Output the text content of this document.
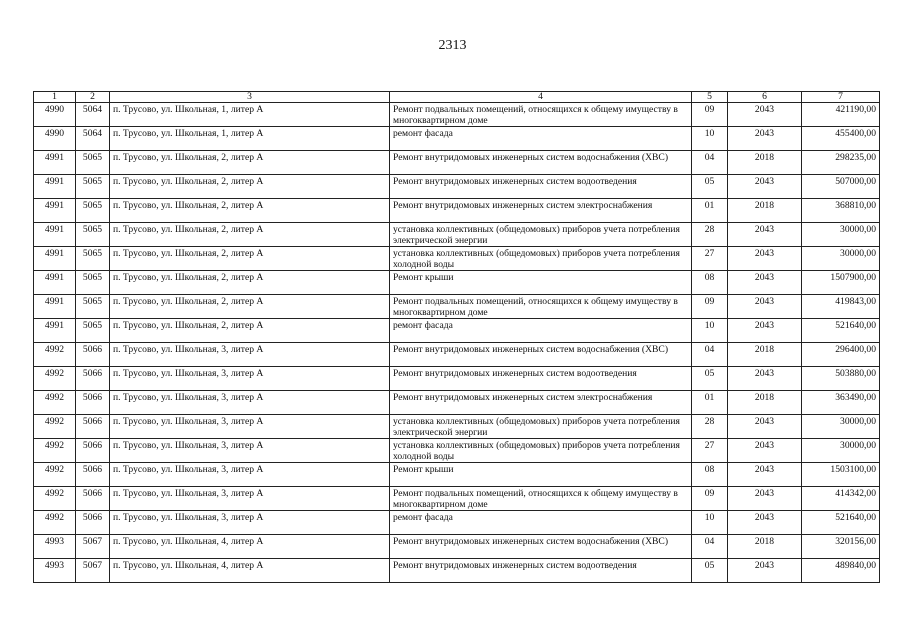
2313
1	2	3	4	5	6	7
4990	5064	п. Трусово, ул. Школьная, 1, литер А	Ремонт подвальных помещений, относящихся к общему имуществу в многоквартирном доме	09	2043	421190,00
4990	5064	п. Трусово, ул. Школьная, 1, литер А	ремонт фасада	10	2043	455400,00
4991	5065	п. Трусово, ул. Школьная, 2, литер А	Ремонт внутридомовых инженерных систем водоснабжения (ХВС)	04	2018	298235,00
4991	5065	п. Трусово, ул. Школьная, 2, литер А	Ремонт внутридомовых инженерных систем водоотведения	05	2043	507000,00
4991	5065	п. Трусово, ул. Школьная, 2, литер А	Ремонт внутридомовых инженерных систем электроснабжения	01	2018	368810,00
4991	5065	п. Трусово, ул. Школьная, 2, литер А	установка коллективных (общедомовых) приборов учета потребления электрической энергии	28	2043	30000,00
4991	5065	п. Трусово, ул. Школьная, 2, литер А	установка коллективных (общедомовых) приборов учета потребления холодной воды	27	2043	30000,00
4991	5065	п. Трусово, ул. Школьная, 2, литер А	Ремонт крыши	08	2043	1507900,00
4991	5065	п. Трусово, ул. Школьная, 2, литер А	Ремонт подвальных помещений, относящихся к общему имуществу в многоквартирном доме	09	2043	419843,00
4991	5065	п. Трусово, ул. Школьная, 2, литер А	ремонт фасада	10	2043	521640,00
4992	5066	п. Трусово, ул. Школьная, 3, литер А	Ремонт внутридомовых инженерных систем водоснабжения (ХВС)	04	2018	296400,00
4992	5066	п. Трусово, ул. Школьная, 3, литер А	Ремонт внутридомовых инженерных систем водоотведения	05	2043	503880,00
4992	5066	п. Трусово, ул. Школьная, 3, литер А	Ремонт внутридомовых инженерных систем электроснабжения	01	2018	363490,00
4992	5066	п. Трусово, ул. Школьная, 3, литер А	установка коллективных (общедомовых) приборов учета потребления электрической энергии	28	2043	30000,00
4992	5066	п. Трусово, ул. Школьная, 3, литер А	установка коллективных (общедомовых) приборов учета потребления холодной воды	27	2043	30000,00
4992	5066	п. Трусово, ул. Школьная, 3, литер А	Ремонт крыши	08	2043	1503100,00
4992	5066	п. Трусово, ул. Школьная, 3, литер А	Ремонт подвальных помещений, относящихся к общему имуществу в многоквартирном доме	09	2043	414342,00
4992	5066	п. Трусово, ул. Школьная, 3, литер А	ремонт фасада	10	2043	521640,00
4993	5067	п. Трусово, ул. Школьная, 4, литер А	Ремонт внутридомовых инженерных систем водоснабжения (ХВС)	04	2018	320156,00
4993	5067	п. Трусово, ул. Школьная, 4, литер А	Ремонт внутридомовых инженерных систем водоотведения	05	2043	489840,00
